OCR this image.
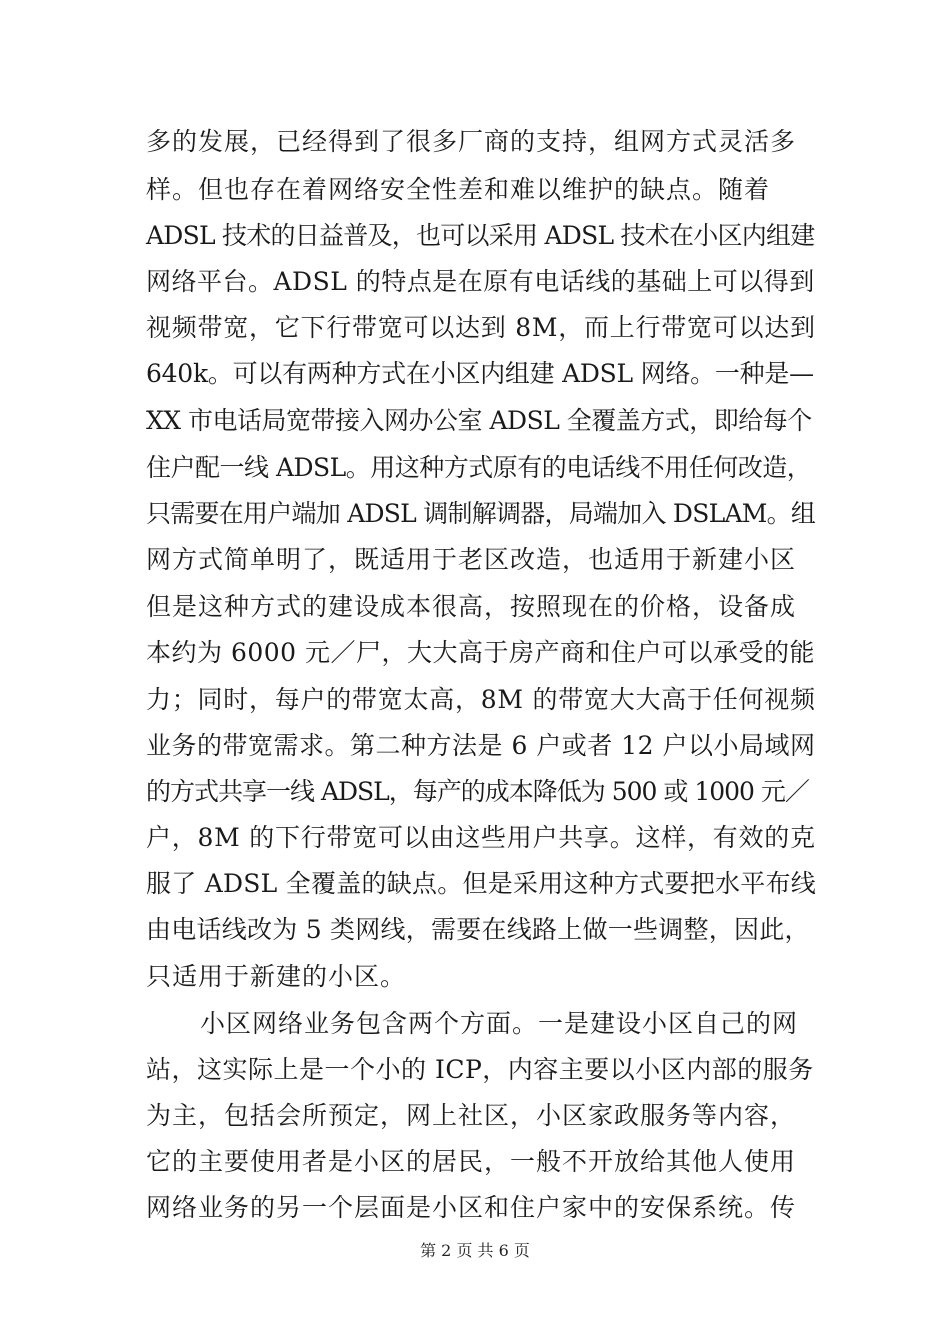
多的发展，已经得到了很多厂商的支持，组网方式灵活多
样。但也存在着网络安全性差和难以维护的缺点。随着
ADSL 技术的日益普及，也可以采用 ADSL 技术在小区内组建
网络平台。ADSL 的特点是在原有电话线的基础上可以得到
视频带宽，它下行带宽可以达到 8M，而上行带宽可以达到
640k。可以有两种方式在小区内组建 ADSL 网络。一种是—
XX 市电话局宽带接入网办公室 ADSL 全覆盖方式，即给每个
住户配一线 ADSL。用这种方式原有的电话线不用任何改造，
只需要在用户端加 ADSL 调制解调器，局端加入 DSLAM。组
网方式简单明了，既适用于老区改造，也适用于新建小区
但是这种方式的建设成本很高，按照现在的价格，设备成
本约为 6000 元／尸，大大高于房产商和住户可以承受的能
力；同时，每户的带宽太高，8M 的带宽大大高于任何视频
业务的带宽需求。第二种方法是 6 户或者 12 户以小局域网
的方式共享一线 ADSL，每产的成本降低为 500 或 1000 元／
户，8M 的下行带宽可以由这些用户共享。这样，有效的克
服了 ADSL 全覆盖的缺点。但是采用这种方式要把水平布线
由电话线改为 5 类网线，需要在线路上做一些调整，因此，
只适用于新建的小区。
小区网络业务包含两个方面。一是建设小区自己的网
站，这实际上是一个小的 ICP，内容主要以小区内部的服务
为主，包括会所预定，网上社区，小区家政服务等内容，
它的主要使用者是小区的居民，一般不开放给其他人使用
网络业务的另一个层面是小区和住户家中的安保系统。传
第 2 页 共 6 页
